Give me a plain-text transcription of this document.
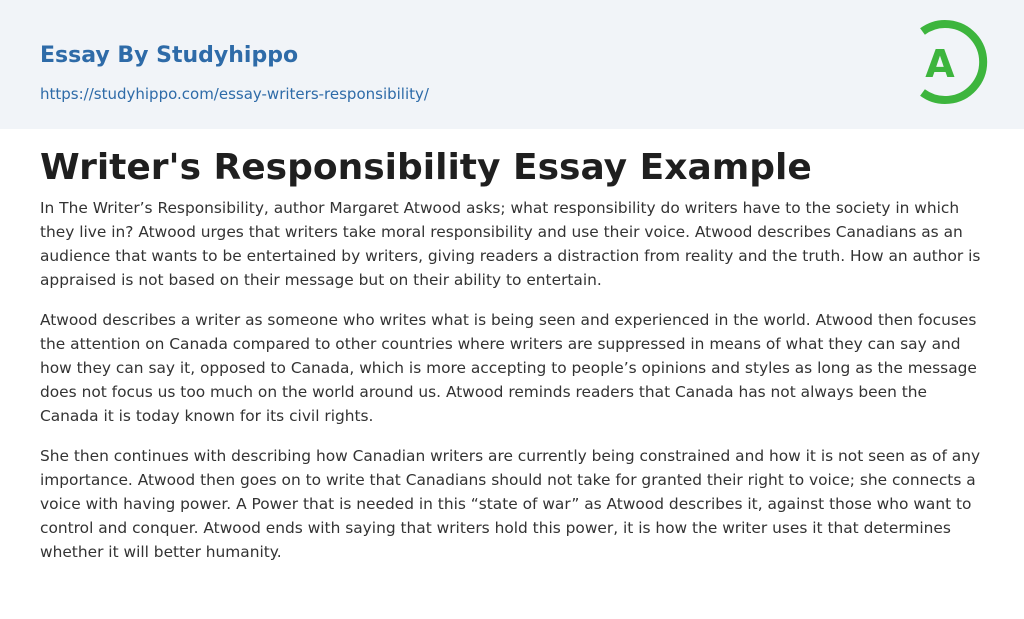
Essay By Studyhippo
https://studyhippo.com/essay-writers-responsibility/
A
Writer's Responsibility Essay Example

In The Writer’s Responsibility, author Margaret Atwood asks; what responsibility do writers have to the society in which they live in? Atwood urges that writers take moral responsibility and use their voice. Atwood describes Canadians as an audience that wants to be entertained by writers, giving readers a distraction from reality and the truth. How an author is appraised is not based on their message but on their ability to entertain.

Atwood describes a writer as someone who writes what is being seen and experienced in the world. Atwood then focuses the attention on Canada compared to other countries where writers are suppressed in means of what they can say and how they can say it, opposed to Canada, which is more accepting to people’s opinions and styles as long as the message does not focus us too much on the world around us. Atwood reminds readers that Canada has not always been the Canada it is today known for its civil rights.

She then continues with describing how Canadian writers are currently being constrained and how it is not seen as of any importance. Atwood then goes on to write that Canadians should not take for granted their right to voice; she connects a voice with having power. A Power that is needed in this “state of war” as Atwood describes it, against those who want to control and conquer. Atwood ends with saying that writers hold this power, it is how the writer uses it that determines whether it will better humanity.
